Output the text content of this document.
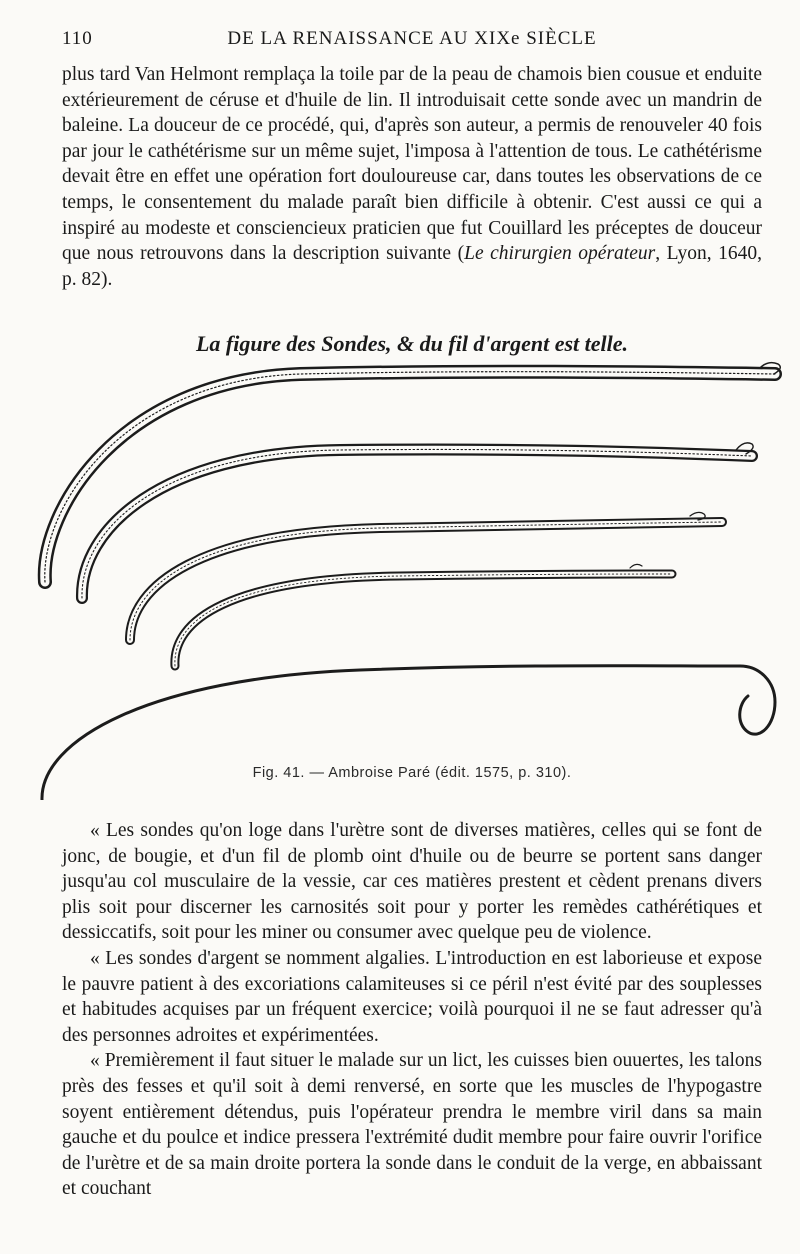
110	DE LA RENAISSANCE AU XIXe SIÈCLE

plus tard Van Helmont remplaça la toile par de la peau de chamois bien cousue et enduite extérieurement de céruse et d'huile de lin. Il introduisait cette sonde avec un mandrin de baleine. La douceur de ce procédé, qui, d'après son auteur, a permis de renouveler 40 fois par jour le cathétérisme sur un même sujet, l'imposa à l'attention de tous. Le cathétérisme devait être en effet une opération fort douloureuse car, dans toutes les observations de ce temps, le consentement du malade paraît bien difficile à obtenir. C'est aussi ce qui a inspiré au modeste et consciencieux praticien que fut Couillard les préceptes de douceur que nous retrouvons dans la description suivante (Le chirurgien opérateur, Lyon, 1640, p. 82).

La figure des Sondes, & du fil d'argent est telle.
Fig. 41. — Ambroise Paré (édit. 1575, p. 310).

« Les sondes qu'on loge dans l'urètre sont de diverses matières, celles qui se font de jonc, de bougie, et d'un fil de plomb oint d'huile ou de beurre se portent sans danger jusqu'au col musculaire de la vessie, car ces matières prestent et cèdent prenans divers plis soit pour discerner les carnosités soit pour y porter les remèdes cathérétiques et dessiccatifs, soit pour les miner ou consumer avec quelque peu de violence.

« Les sondes d'argent se nomment algalies. L'introduction en est laborieuse et expose le pauvre patient à des excoriations calamiteuses si ce péril n'est évité par des souplesses et habitudes acquises par un fréquent exercice; voilà pourquoi il ne se faut adresser qu'à des personnes adroites et expérimentées.

« Premièrement il faut situer le malade sur un lict, les cuisses bien ouuertes, les talons près des fesses et qu'il soit à demi renversé, en sorte que les muscles de l'hypogastre soyent entièrement détendus, puis l'opérateur prendra le membre viril dans sa main gauche et du poulce et indice pressera l'extrémité dudit membre pour faire ouvrir l'orifice de l'urètre et de sa main droite portera la sonde dans le conduit de la verge, en abbaissant et couchant
